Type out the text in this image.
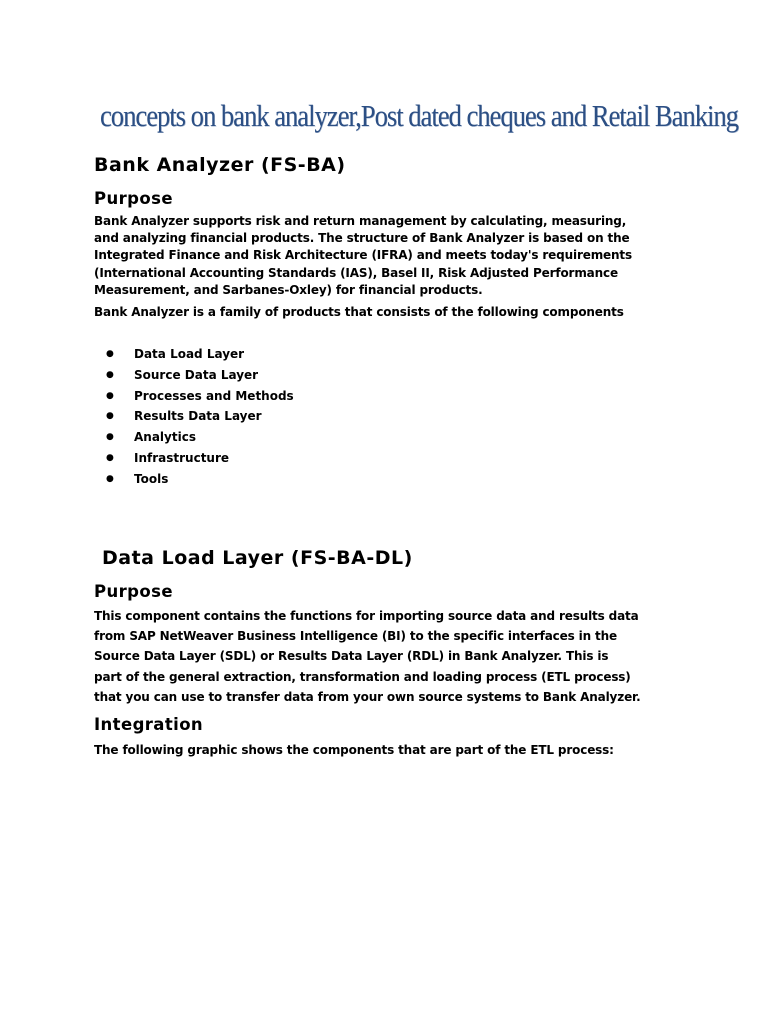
concepts on bank analyzer,Post dated cheques and Retail Banking
Bank Analyzer (FS-BA)
Purpose
Bank Analyzer supports risk and return management by calculating, measuring,
and analyzing financial products. The structure of Bank Analyzer is based on the
Integrated Finance and Risk Architecture (IFRA) and meets today's requirements
(International Accounting Standards (IAS), Basel II, Risk Adjusted Performance
Measurement, and Sarbanes-Oxley) for financial products.
Bank Analyzer is a family of products that consists of the following components
● Data Load Layer
● Source Data Layer
● Processes and Methods
● Results Data Layer
● Analytics
● Infrastructure
● Tools
Data Load Layer (FS-BA-DL)
Purpose
This component contains the functions for importing source data and results data
from SAP NetWeaver Business Intelligence (BI) to the specific interfaces in the
Source Data Layer (SDL) or Results Data Layer (RDL) in Bank Analyzer. This is
part of the general extraction, transformation and loading process (ETL process)
that you can use to transfer data from your own source systems to Bank Analyzer.
Integration
The following graphic shows the components that are part of the ETL process:
